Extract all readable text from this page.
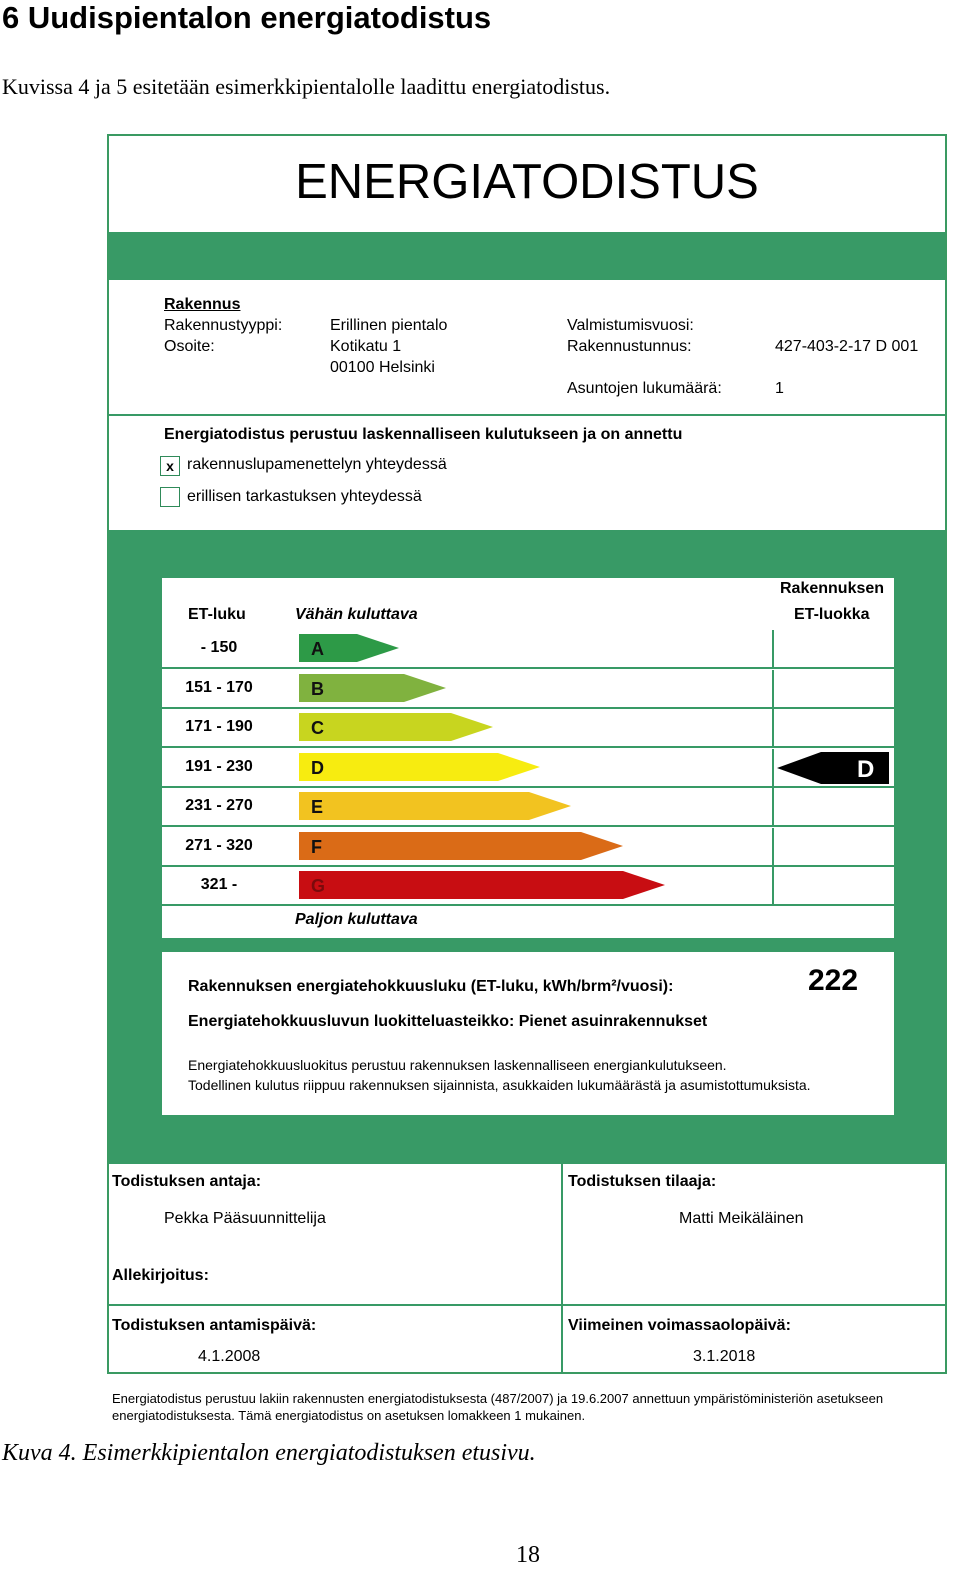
6 Uudispientalon energiatodistus
Kuvissa 4 ja 5 esitetään esimerkkipientalolle laadittu energiatodistus.
ENERGIATODISTUS
Rakennus
Rakennustyyppi:	Erillinen pientalo
Osoite:	Kotikatu 1
00100 Helsinki
Valmistumisvuosi:
Rakennustunnus:	427-403-2-17 D 001
Asuntojen lukumäärä:	1
Energiatodistus perustuu laskennalliseen kulutukseen ja on annettu
x rakennuslupamenettelyn yhteydessä
erillisen tarkastuksen yhteydessä
ET-luku	Vähän kuluttava
Rakennuksen
ET-luokka
- 150	A
151 - 170	B
171 - 190	C
191 - 230	D	D
231 - 270	E
271 - 320	F
321 -	G
Paljon kuluttava
Rakennuksen energiatehokkuusluku (ET-luku, kWh/brm²/vuosi):	222
Energiatehokkuusluvun luokitteluasteikko: Pienet asuinrakennukset
Energiatehokkuusluokitus perustuu rakennuksen laskennalliseen energiankulutukseen.
Todellinen kulutus riippuu rakennuksen sijainnista, asukkaiden lukumäärästä ja asumistottumuksista.
Todistuksen antaja:
Pekka Pääsuunnittelija
Todistuksen tilaaja:
Matti Meikäläinen
Allekirjoitus:
Todistuksen antamispäivä:
4.1.2008
Viimeinen voimassaolopäivä:
3.1.2018
Energiatodistus perustuu lakiin rakennusten energiatodistuksesta (487/2007) ja 19.6.2007 annettuun ympäristöministeriön asetukseen
energiatodistuksesta. Tämä energiatodistus on asetuksen lomakkeen 1 mukainen.
Kuva 4. Esimerkkipientalon energiatodistuksen etusivu.
18
